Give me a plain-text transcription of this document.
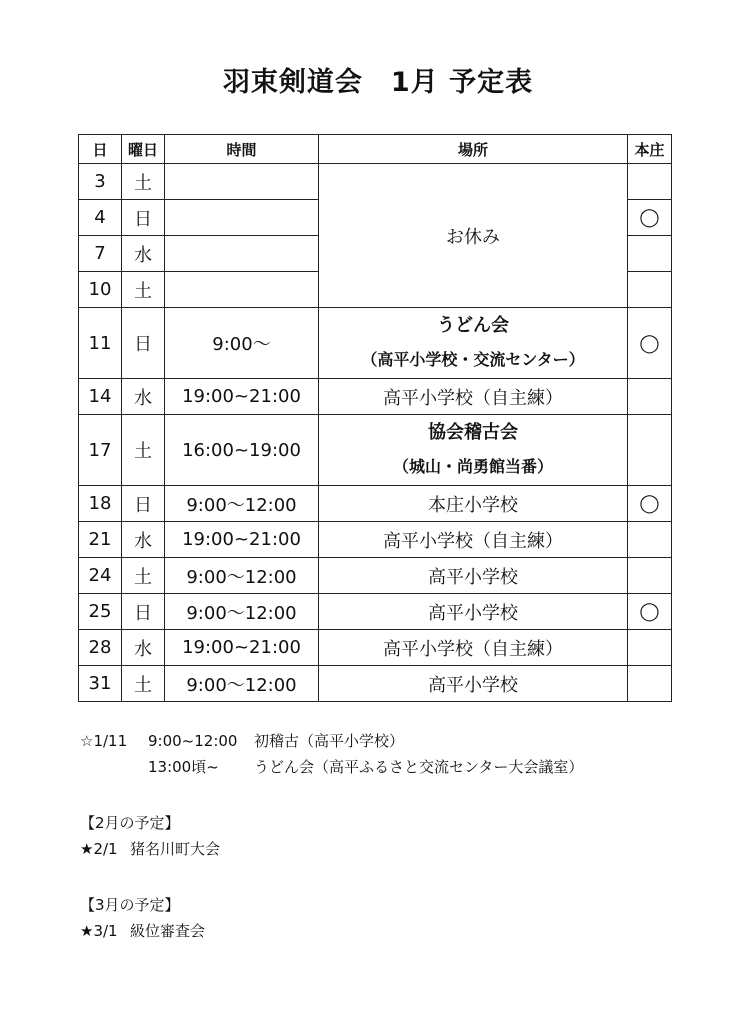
羽束剣道会　1月 予定表
日	曜日	時間	場所	本庄
3	土		お休み	
4	日			◯
7	水			
10	土			
11	日	9:00〜	うどん会
（高平小学校・交流センター）	◯
14	水	19:00~21:00	高平小学校（自主練）	
17	土	16:00~19:00	協会稽古会
（城山・尚勇館当番）	

18	日	9:00〜12:00	本庄小学校	◯
21	水	19:00~21:00	高平小学校（自主練）	
24	土	9:00〜12:00	高平小学校	
25	日	9:00〜12:00	高平小学校	◯
28	水	19:00~21:00	高平小学校（自主練）	
31	土	9:00〜12:00	高平小学校	
☆1/11 9:00~12:00 初稽古（高平小学校）
13:00頃~ うどん会（高平ふるさと交流センター大会議室）
【2月の予定】
★2/1 猪名川町大会
【3月の予定】
★3/1 級位審査会
